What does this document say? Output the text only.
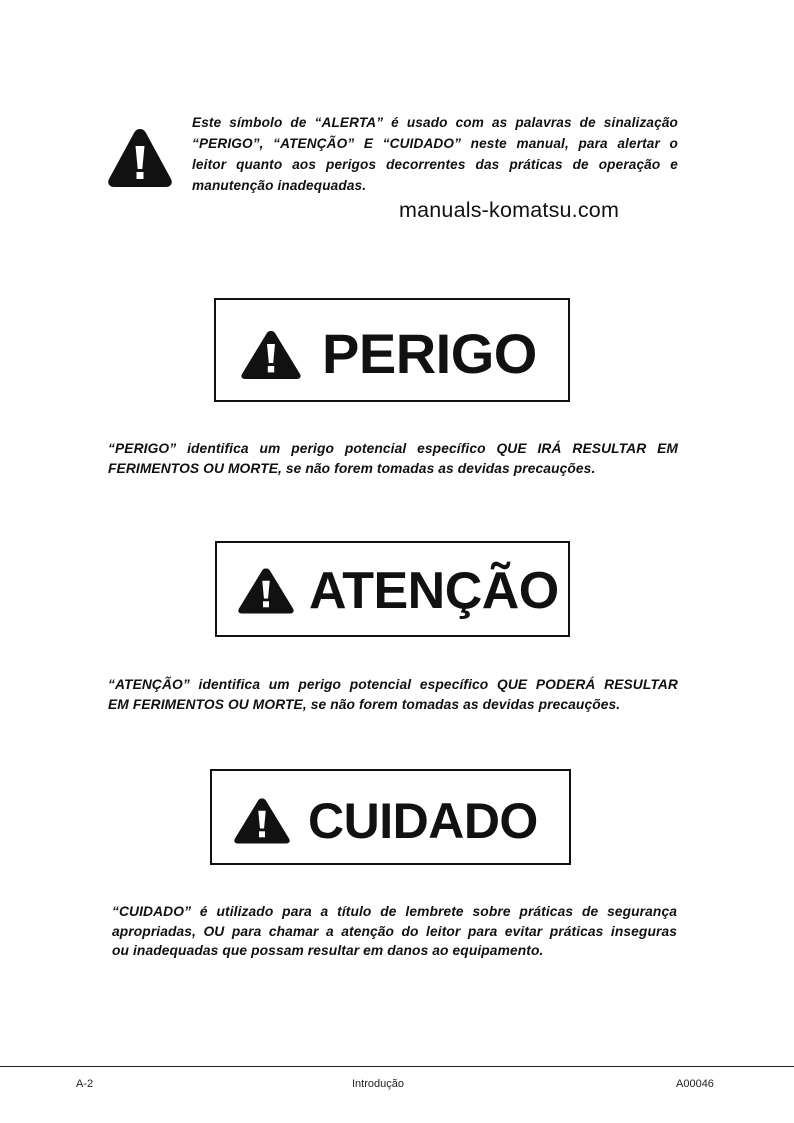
Este símbolo de “ALERTA” é usado com as palavras de sinalização
“PERIGO”, “ATENÇÃO” E “CUIDADO” neste manual, para alertar o
leitor quanto aos perigos decorrentes das práticas de operação e
manutenção inadequadas.
manuals-komatsu.com
PERIGO
“PERIGO” identifica um perigo potencial específico QUE IRÁ RESULTAR EM
FERIMENTOS OU MORTE, se não forem tomadas as devidas precauções.
ATENÇÃO
“ATENÇÃO” identifica um perigo potencial específico QUE PODERÁ RESULTAR
EM FERIMENTOS OU MORTE, se não forem tomadas as devidas precauções.
CUIDADO
“CUIDADO” é utilizado para a título de lembrete sobre práticas de segurança
apropriadas, OU para chamar a atenção do leitor para evitar práticas inseguras
ou inadequadas que possam resultar em danos ao equipamento.
A-2	Introdução	A00046
